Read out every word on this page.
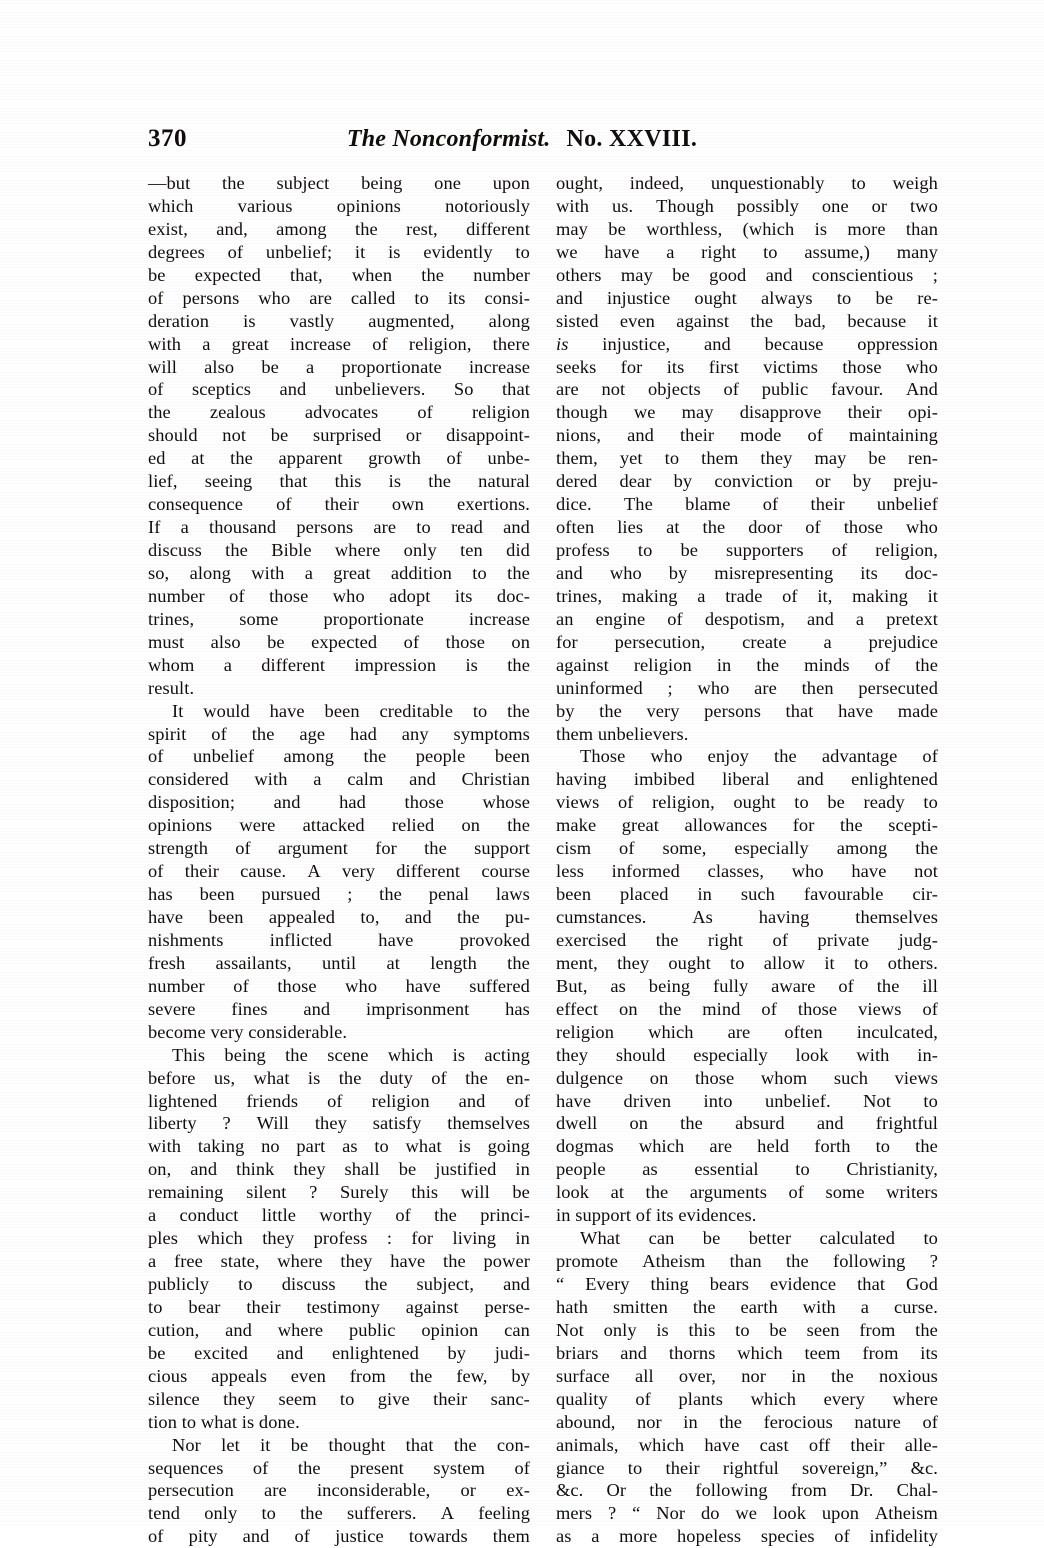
370	The Nonconformist. No. XXVIII.
—but the subject being one upon
which various opinions notoriously
exist, and, among the rest, different
degrees of unbelief; it is evidently to
be expected that, when the number
of persons who are called to its consi-
deration is vastly augmented, along
with a great increase of religion, there
will also be a proportionate increase
of sceptics and unbelievers. So that
the zealous advocates of religion
should not be surprised or disappoint-
ed at the apparent growth of unbe-
lief, seeing that this is the natural
consequence of their own exertions.
If a thousand persons are to read and
discuss the Bible where only ten did
so, along with a great addition to the
number of those who adopt its doc-
trines, some proportionate increase
must also be expected of those on
whom a different impression is the
result.
It would have been creditable to the
spirit of the age had any symptoms
of unbelief among the people been
considered with a calm and Christian
disposition; and had those whose
opinions were attacked relied on the
strength of argument for the support
of their cause. A very different course
has been pursued ; the penal laws
have been appealed to, and the pu-
nishments	inflicted	have	provoked
fresh assailants, until at length the
number of those who have suffered
severe fines and imprisonment has
become very considerable.
This being the scene which is acting
before us, what is the duty of the en-
lightened friends of religion and of
liberty ? Will they satisfy themselves
with taking no part as to what is going
on, and think they shall be justified in
remaining silent ? Surely this will be
a conduct little worthy of the princi-
ples which they profess : for living in
a free state, where they have the power
publicly to discuss the subject, and
to bear their testimony against perse-
cution, and where public opinion can
be excited and enlightened by judi-
cious appeals even from the few, by
silence they seem to give their sanc-
tion to what is done.
Nor let it be thought that the con-
sequences of the present system of
persecution are inconsiderable, or ex-
tend only to the sufferers. A feeling
of pity and of justice towards them
ought, indeed, unquestionably to weigh
with us. Though possibly one or two
may be worthless, (which is more than
we have a right to assume,) many
others may be good and conscientious ;
and injustice ought always to be re-
sisted even against the bad, because it
is injustice, and because oppression
seeks for its first victims those who
are not objects of public favour. And
though we may disapprove their opi-
nions, and their mode of maintaining
them, yet to them they may be ren-
dered dear by conviction or by preju-
dice. The blame of their unbelief
often lies at the door of those who
profess to be supporters of religion,
and who by misrepresenting its doc-
trines, making a trade of it, making it
an engine of despotism, and a pretext
for persecution, create a prejudice
against religion in the minds of the
uninformed ; who are then persecuted
by the very persons that have made
them unbelievers.
Those who enjoy the advantage of
having imbibed liberal and enlightened
views of religion, ought to be ready to
make great allowances for the scepti-
cism of some, especially among the
less informed classes, who have not
been placed in such favourable cir-
cumstances. As having themselves
exercised the right of private judg-
ment, they ought to allow it to others.
But, as being fully aware of the ill
effect on the mind of those views of
religion which are often inculcated,
they should especially look with in-
dulgence on those whom such views
have driven into unbelief. Not to
dwell on the absurd and frightful
dogmas which are held forth to the
people as essential to Christianity,
look at the arguments of some writers
in support of its evidences.
What can be better calculated to
promote Atheism than the following ?
“ Every thing bears evidence that God
hath smitten the earth with a curse.
Not only is this to be seen from the
briars and thorns which teem from its
surface all over, nor in the noxious
quality of plants which every where
abound, nor in the ferocious nature of
animals, which have cast off their alle-
giance to their rightful sovereign,” &c.
&c. Or the following from Dr. Chal-
mers ? “ Nor do we look upon Atheism
as a more hopeless species of infidelity
